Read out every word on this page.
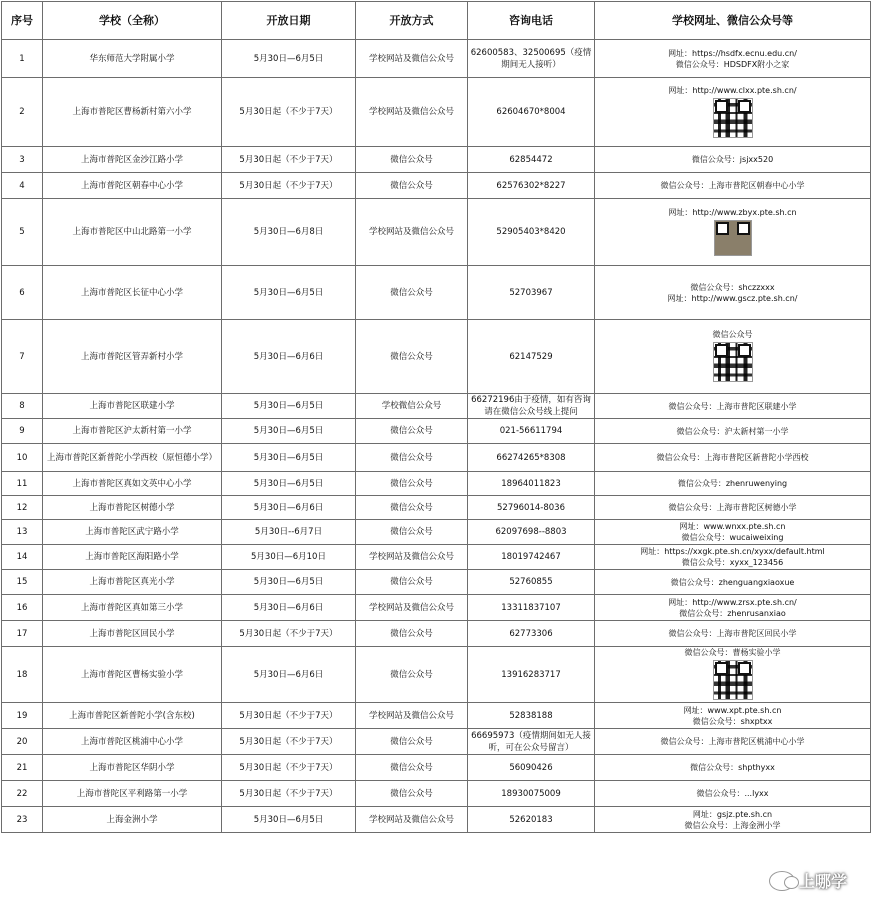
序号	学校（全称）	开放日期	开放方式	咨询电话	学校网址、微信公众号等
1	华东师范大学附属小学	5月30日—6月5日	学校网站及微信公众号	62600583、32500695（疫情期间无人接听）	网址：https://hsdfx.ecnu.edu.cn/
微信公众号：HDSDFX附小之家

2	上海市普陀区曹杨新村第六小学	5月30日起（不少于7天）	学校网站及微信公众号	62604670*8004	网址：http://www.clxx.pte.sh.cn/

3	上海市普陀区金沙江路小学	5月30日起（不少于7天）	微信公众号	62854472	微信公众号：jsjxx520

4	上海市普陀区朝春中心小学	5月30日起（不少于7天）	微信公众号	62576302*8227	微信公众号：上海市普陀区朝春中心小学

5	上海市普陀区中山北路第一小学	5月30日—6月8日	学校网站及微信公众号	52905403*8420	网址：http://www.zbyx.pte.sh.cn

6	上海市普陀区长征中心小学	5月30日—6月5日	微信公众号	52703967	微信公众号：shczzxxx
网址：http://www.gscz.pte.sh.cn/

7	上海市普陀区管弄新村小学	5月30日—6月6日	微信公众号	62147529	微信公众号

8	上海市普陀区联建小学	5月30日—6月5日	学校微信公众号	66272196由于疫情，如有咨询请在微信公众号线上提问	微信公众号：上海市普陀区联建小学

9	上海市普陀区沪太新村第一小学	5月30日—6月5日	微信公众号	021-56611794	微信公众号：沪太新村第一小学

10	上海市普陀区新普陀小学西校（原恒德小学）	5月30日—6月5日	微信公众号	66274265*8308	微信公众号：上海市普陀区新普陀小学西校

11	上海市普陀区真如文英中心小学	5月30日—6月5日	微信公众号	18964011823	微信公众号：zhenruwenying

12	上海市普陀区树德小学	5月30日—6月6日	微信公众号	52796014-8036	微信公众号：上海市普陀区树德小学

13	上海市普陀区武宁路小学	5月30日--6月7日	微信公众号	62097698--8803	网址：www.wnxx.pte.sh.cn
微信公众号：wucaiweixing

14	上海市普陀区海阳路小学	5月30日—6月10日	学校网站及微信公众号	18019742467	网址：https://xxgk.pte.sh.cn/xyxx/default.html
微信公众号：xyxx_123456

15	上海市普陀区真光小学	5月30日—6月5日	微信公众号	52760855	微信公众号：zhenguangxiaoxue

16	上海市普陀区真如第三小学	5月30日—6月6日	学校网站及微信公众号	13311837107	网址：http://www.zrsx.pte.sh.cn/
微信公众号：zhenrusanxiao

17	上海市普陀区回民小学	5月30日起（不少于7天）	微信公众号	62773306	微信公众号：上海市普陀区回民小学

18	上海市普陀区曹杨实验小学	5月30日—6月6日	微信公众号	13916283717	微信公众号：曹杨实验小学

19	上海市普陀区新普陀小学(含东校)	5月30日起（不少于7天）	学校网站及微信公众号	52838188	网址：www.xpt.pte.sh.cn
微信公众号：shxptxx

20	上海市普陀区桃浦中心小学	5月30日起（不少于7天）	微信公众号	66695973（疫情期间如无人接听，可在公众号留言）	微信公众号：上海市普陀区桃浦中心小学

21	上海市普陀区华阴小学	5月30日起（不少于7天）	微信公众号	56090426	微信公众号：shpthyxx

22	上海市普陀区平利路第一小学	5月30日起（不少于7天）	微信公众号	18930075009	微信公众号：...lyxx

23	上海金洲小学	5月30日—6月5日	学校网站及微信公众号	52620183	网址：gsjz.pte.sh.cn
微信公众号：上海金洲小学
上哪学
